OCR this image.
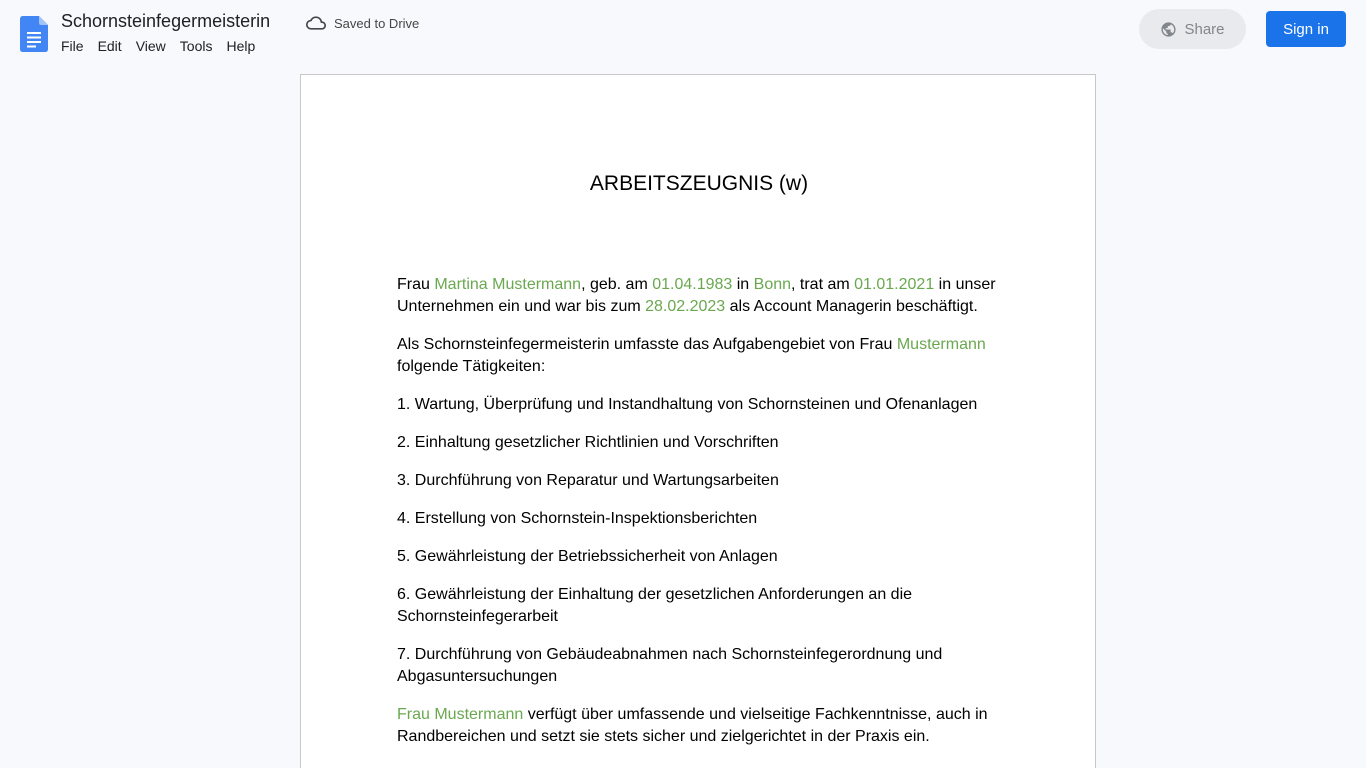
Schornsteinfegermeisterin	Saved to Drive
File	Edit	View	Tools	Help
Share	Sign in
ARBEITSZEUGNIS (w)

Frau Martina Mustermann, geb. am 01.04.1983 in Bonn, trat am 01.01.2021 in unser Unternehmen ein und war bis zum 28.02.2023 als Account Managerin beschäftigt.

Als Schornsteinfegermeisterin umfasste das Aufgabengebiet von Frau Mustermann folgende Tätigkeiten:

1. Wartung, Überprüfung und Instandhaltung von Schornsteinen und Ofenanlagen

2. Einhaltung gesetzlicher Richtlinien und Vorschriften

3. Durchführung von Reparatur und Wartungsarbeiten

4. Erstellung von Schornstein-Inspektionsberichten

5. Gewährleistung der Betriebssicherheit von Anlagen

6. Gewährleistung der Einhaltung der gesetzlichen Anforderungen an die Schornsteinfegerarbeit

7. Durchführung von Gebäudeabnahmen nach Schornsteinfegerordnung und Abgasuntersuchungen

Frau Mustermann verfügt über umfassende und vielseitige Fachkenntnisse, auch in Randbereichen und setzt sie stets sicher und zielgerichtet in der Praxis ein.
